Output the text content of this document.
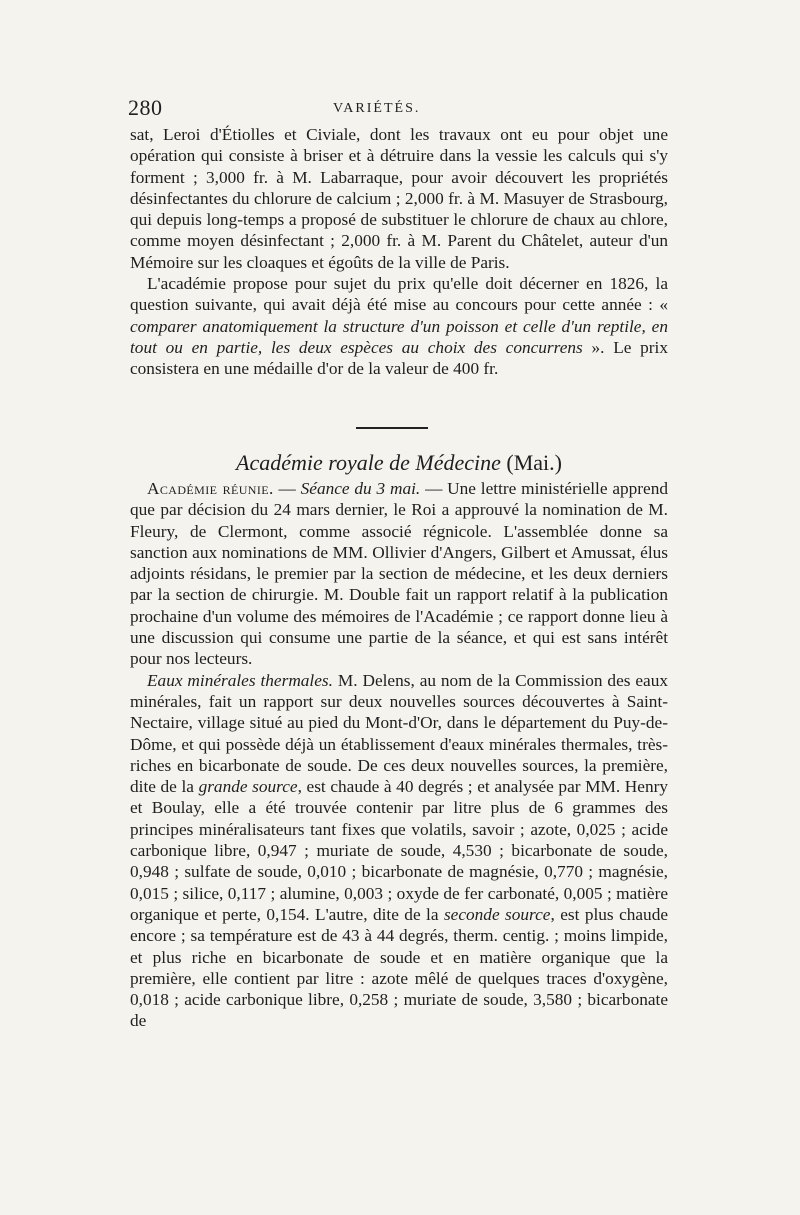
280	VARIÉTÉS.

sat, Leroi d'Étiolles et Civiale, dont les travaux ont eu pour objet une opération qui consiste à briser et à détruire dans la vessie les calculs qui s'y forment ; 3,000 fr. à M. Labarraque, pour avoir découvert les propriétés désinfectantes du chlorure de calcium ; 2,000 fr. à M. Masuyer de Strasbourg, qui depuis long-temps a proposé de substituer le chlorure de chaux au chlore, comme moyen désinfectant ; 2,000 fr. à M. Parent du Châtelet, auteur d'un Mémoire sur les cloaques et égoûts de la ville de Paris.

L'académie propose pour sujet du prix qu'elle doit décerner en 1826, la question suivante, qui avait déjà été mise au concours pour cette année : « comparer anatomiquement la structure d'un poisson et celle d'un reptile, en tout ou en partie, les deux espèces au choix des concurrens ». Le prix consistera en une médaille d'or de la valeur de 400 fr.

Académie royale de Médecine (Mai.)

Académie réunie. — Séance du 3 mai. — Une lettre ministérielle apprend que par décision du 24 mars dernier, le Roi a approuvé la nomination de M. Fleury, de Clermont, comme associé régnicole. L'assemblée donne sa sanction aux nominations de MM. Ollivier d'Angers, Gilbert et Amussat, élus adjoints résidans, le premier par la section de médecine, et les deux derniers par la section de chirurgie. M. Double fait un rapport relatif à la publication prochaine d'un volume des mémoires de l'Académie ; ce rapport donne lieu à une discussion qui consume une partie de la séance, et qui est sans intérêt pour nos lecteurs.

Eaux minérales thermales. M. Delens, au nom de la Commission des eaux minérales, fait un rapport sur deux nouvelles sources découvertes à Saint-Nectaire, village situé au pied du Mont-d'Or, dans le département du Puy-de-Dôme, et qui possède déjà un établissement d'eaux minérales thermales, très-riches en bicarbonate de soude. De ces deux nouvelles sources, la première, dite de la grande source, est chaude à 40 degrés ; et analysée par MM. Henry et Boulay, elle a été trouvée contenir par litre plus de 6 grammes des principes minéralisateurs tant fixes que volatils, savoir ; azote, 0,025 ; acide carbonique libre, 0,947 ; muriate de soude, 4,530 ; bicarbonate de soude, 0,948 ; sulfate de soude, 0,010 ; bicarbonate de magnésie, 0,770 ; magnésie, 0,015 ; silice, 0,117 ; alumine, 0,003 ; oxyde de fer carbonaté, 0,005 ; matière organique et perte, 0,154. L'autre, dite de la seconde source, est plus chaude encore ; sa température est de 43 à 44 degrés, therm. centig. ; moins limpide, et plus riche en bicarbonate de soude et en matière organique que la première, elle contient par litre : azote mêlé de quelques traces d'oxygène, 0,018 ; acide carbonique libre, 0,258 ; muriate de soude, 3,580 ; bicarbonate de
